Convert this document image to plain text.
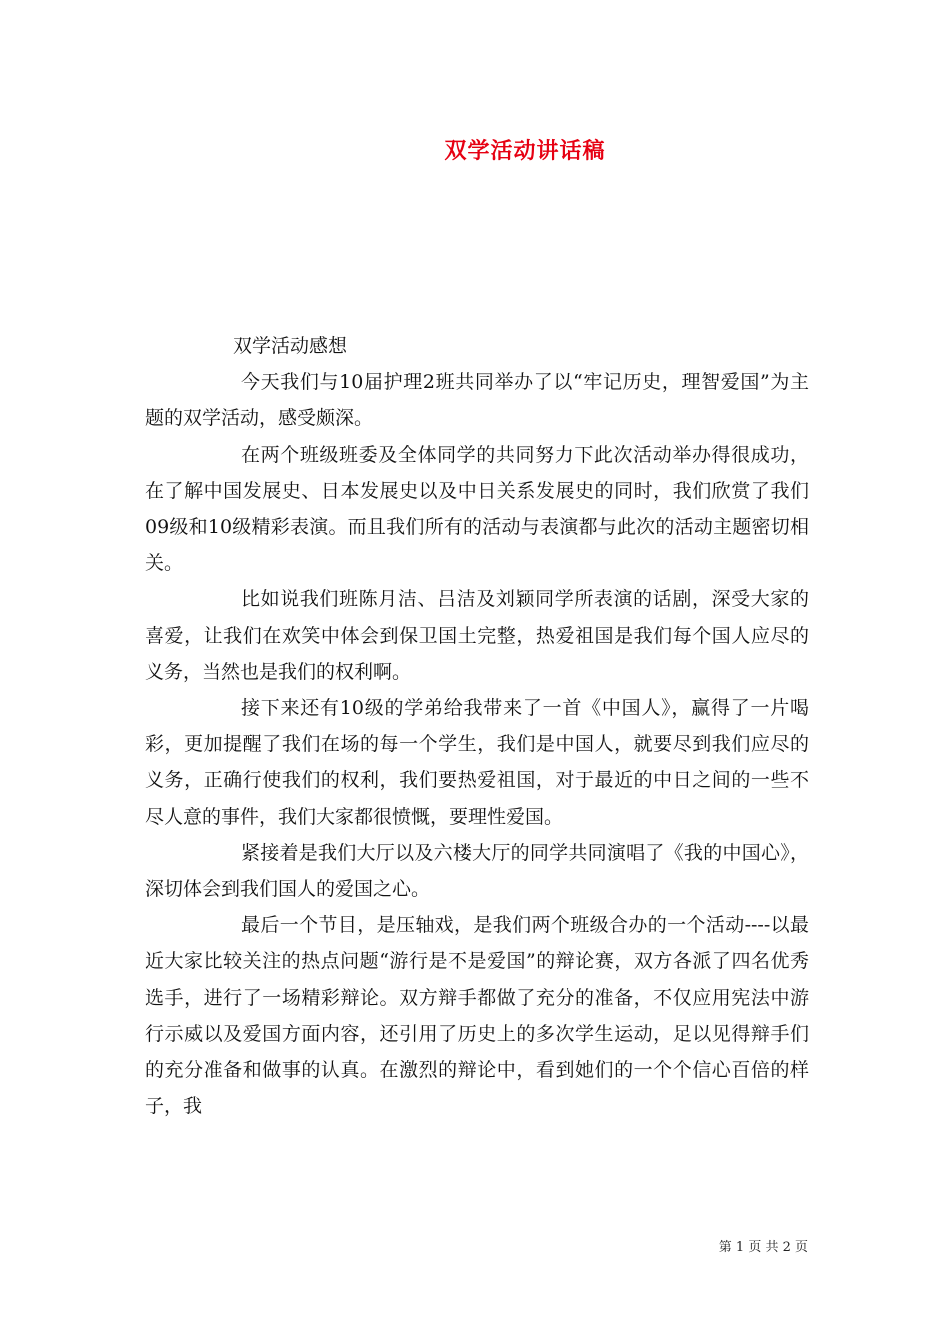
双学活动讲话稿

双学活动感想

今天我们与10届护理2班共同举办了以“牢记历史，理智爱国”为主题的双学活动，感受颇深。

在两个班级班委及全体同学的共同努力下此次活动举办得很成功，在了解中国发展史、日本发展史以及中日关系发展史的同时，我们欣赏了我们09级和10级精彩表演。而且我们所有的活动与表演都与此次的活动主题密切相关。

比如说我们班陈月洁、吕洁及刘颖同学所表演的话剧，深受大家的喜爱，让我们在欢笑中体会到保卫国土完整，热爱祖国是我们每个国人应尽的义务，当然也是我们的权利啊。

接下来还有10级的学弟给我带来了一首《中国人》，赢得了一片喝彩，更加提醒了我们在场的每一个学生，我们是中国人，就要尽到我们应尽的义务，正确行使我们的权利，我们要热爱祖国，对于最近的中日之间的一些不尽人意的事件，我们大家都很愤慨，要理性爱国。

紧接着是我们大厅以及六楼大厅的同学共同演唱了《我的中国心》，深切体会到我们国人的爱国之心。

最后一个节目，是压轴戏，是我们两个班级合办的一个活动----以最近大家比较关注的热点问题“游行是不是爱国”的辩论赛，双方各派了四名优秀选手，进行了一场精彩辩论。双方辩手都做了充分的准备，不仅应用宪法中游行示威以及爱国方面内容，还引用了历史上的多次学生运动，足以见得辩手们的充分准备和做事的认真。在激烈的辩论中，看到她们的一个个信心百倍的样子，我

第 1 页 共 2 页
